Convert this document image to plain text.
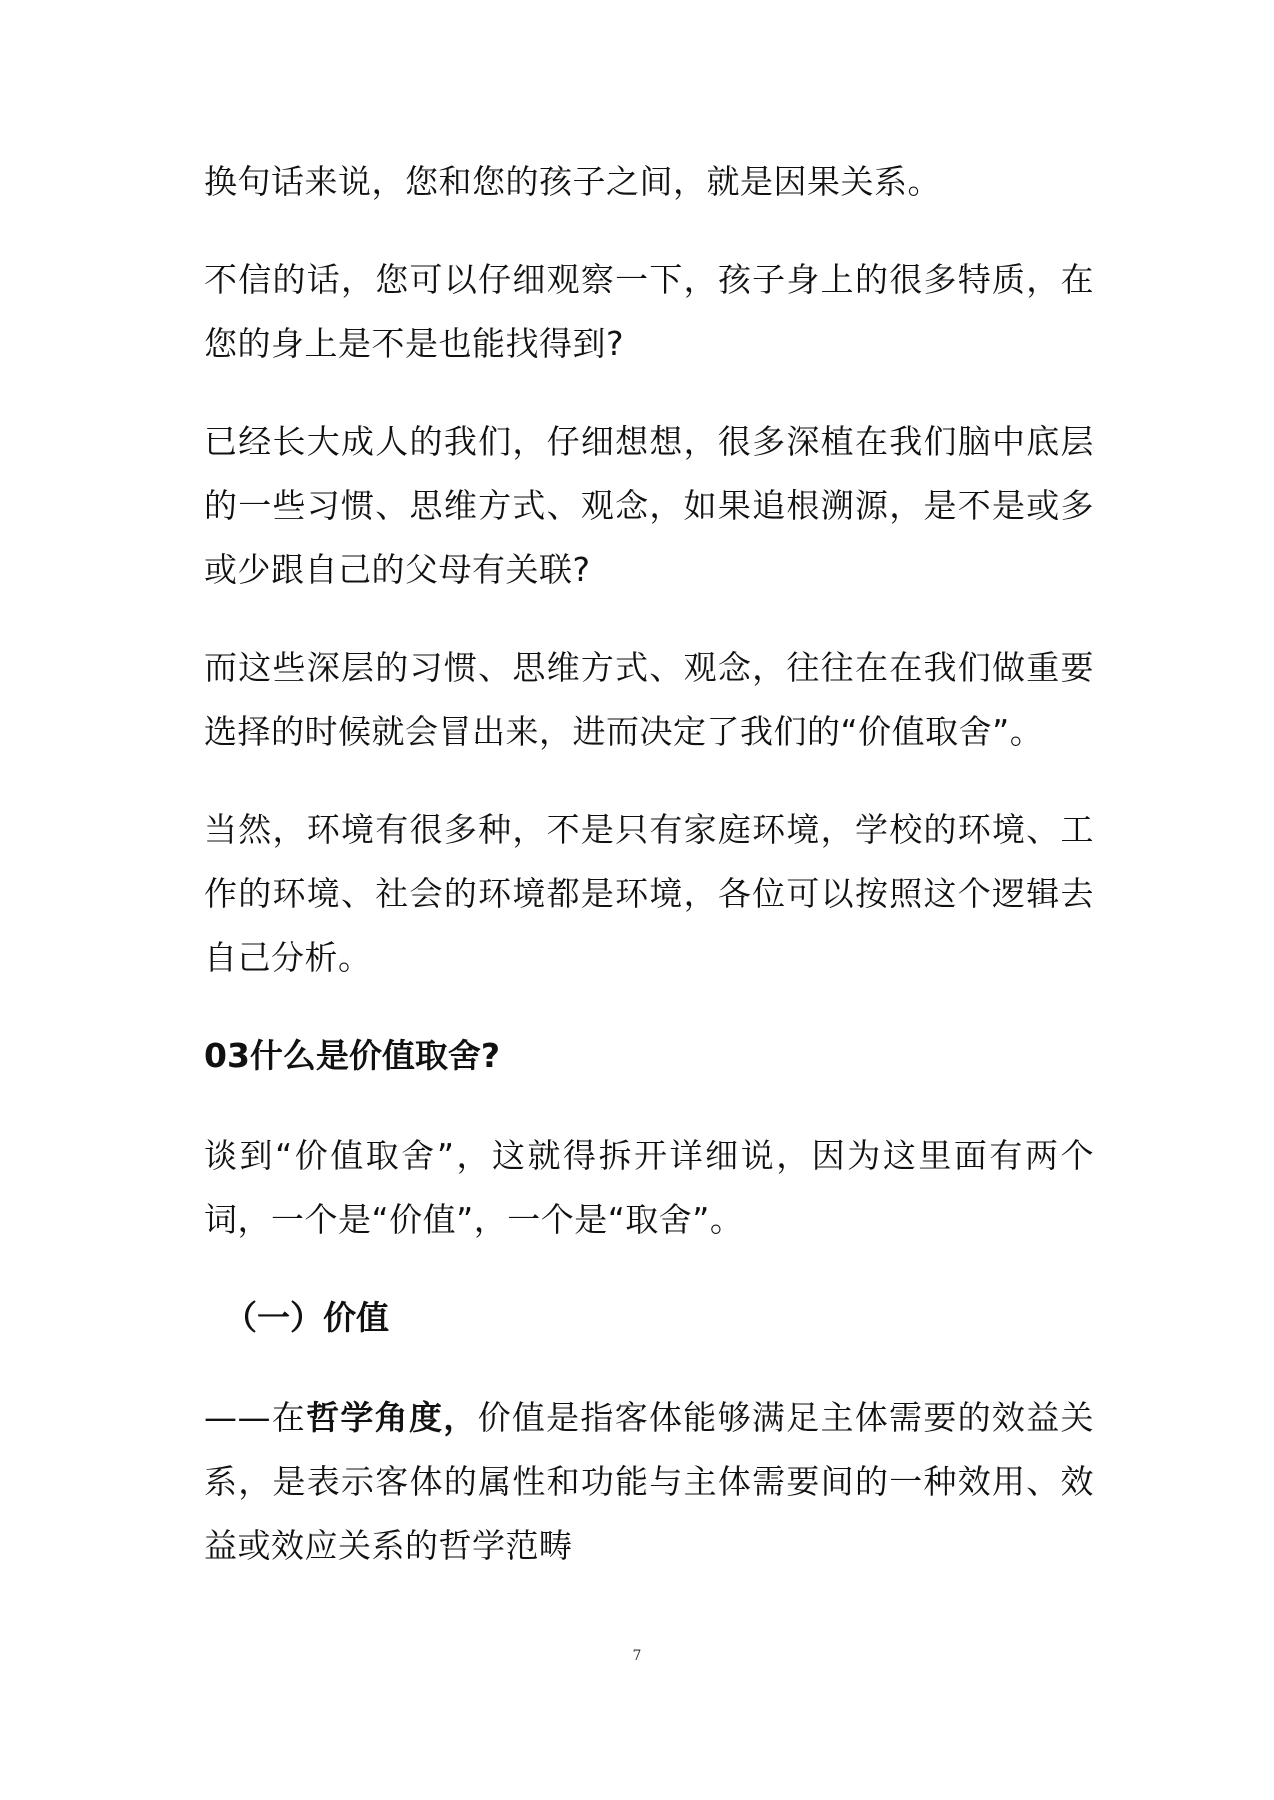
换句话来说，您和您的孩子之间，就是因果关系。

不信的话，您可以仔细观察一下，孩子身上的很多特质，在您的身上是不是也能找得到?

已经长大成人的我们，仔细想想，很多深植在我们脑中底层的一些习惯、思维方式、观念，如果追根溯源，是不是或多或少跟自己的父母有关联?

而这些深层的习惯、思维方式、观念，往往在在我们做重要选择的时候就会冒出来，进而决定了我们的“价值取舍”。

当然，环境有很多种，不是只有家庭环境，学校的环境、工作的环境、社会的环境都是环境，各位可以按照这个逻辑去自己分析。

03什么是价值取舍?

谈到“价值取舍”，这就得拆开详细说，因为这里面有两个词，一个是“价值”，一个是“取舍”。

（一）价值

——在哲学角度，价值是指客体能够满足主体需要的效益关系，是表示客体的属性和功能与主体需要间的一种效用、效益或效应关系的哲学范畴

7
